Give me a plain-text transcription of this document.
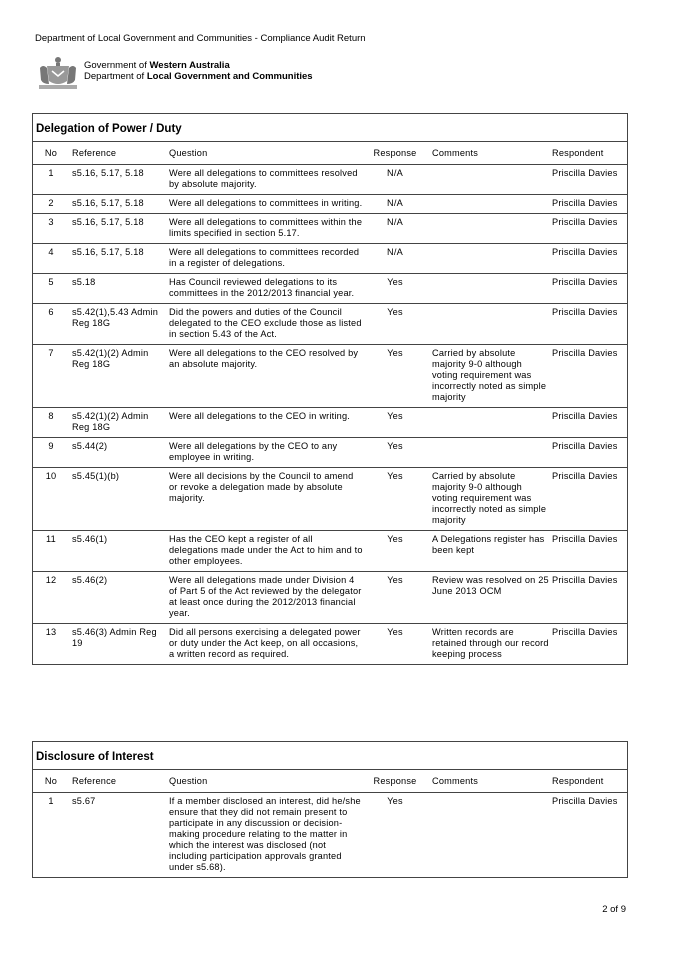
Department of Local Government and Communities - Compliance Audit Return
Government of Western Australia
Department of Local Government and Communities
Delegation of Power / Duty
No	Reference	Question	Response	Comments	Respondent
1	s5.16, 5.17, 5.18	Were all delegations to committees resolved by absolute majority.	N/A		Priscilla Davies
2	s5.16, 5.17, 5.18	Were all delegations to committees in writing.	N/A		Priscilla Davies
3	s5.16, 5.17, 5.18	Were all delegations to committees within the limits specified in section 5.17.	N/A		Priscilla Davies
4	s5.16, 5.17, 5.18	Were all delegations to committees recorded in a register of delegations.	N/A		Priscilla Davies
5	s5.18	Has Council reviewed delegations to its committees in the 2012/2013 financial year.	Yes		Priscilla Davies
6	s5.42(1),5.43 Admin Reg 18G	Did the powers and duties of the Council delegated to the CEO exclude those as listed in section 5.43 of the Act.	Yes		Priscilla Davies
7	s5.42(1)(2) Admin Reg 18G	Were all delegations to the CEO resolved by an absolute majority.	Yes	Carried by absolute majority 9-0 although voting requirement was incorrectly noted as simple majority	Priscilla Davies
8	s5.42(1)(2) Admin Reg 18G	Were all delegations to the CEO in writing.	Yes		Priscilla Davies
9	s5.44(2)	Were all delegations by the CEO to any employee in writing.	Yes		Priscilla Davies
10	s5.45(1)(b)	Were all decisions by the Council to amend or revoke a delegation made by absolute majority.	Yes	Carried by absolute majority 9-0 although voting requirement was incorrectly noted as simple majority	Priscilla Davies
11	s5.46(1)	Has the CEO kept a register of all delegations made under the Act to him and to other employees.	Yes	A Delegations register has been kept	Priscilla Davies
12	s5.46(2)	Were all delegations made under Division 4 of Part 5 of the Act reviewed by the delegator at least once during the 2012/2013 financial year.	Yes	Review was resolved on 25 June 2013 OCM	Priscilla Davies
13	s5.46(3) Admin Reg 19	Did all persons exercising a delegated power or duty under the Act keep, on all occasions, a written record as required.	Yes	Written records are retained through our record keeping process	Priscilla Davies
Disclosure of Interest
No	Reference	Question	Response	Comments	Respondent
1	s5.67	If a member disclosed an interest, did he/she ensure that they did not remain present to participate in any discussion or decision-making procedure relating to the matter in which the interest was disclosed (not including participation approvals granted under s5.68).	Yes		Priscilla Davies
2 of 9
